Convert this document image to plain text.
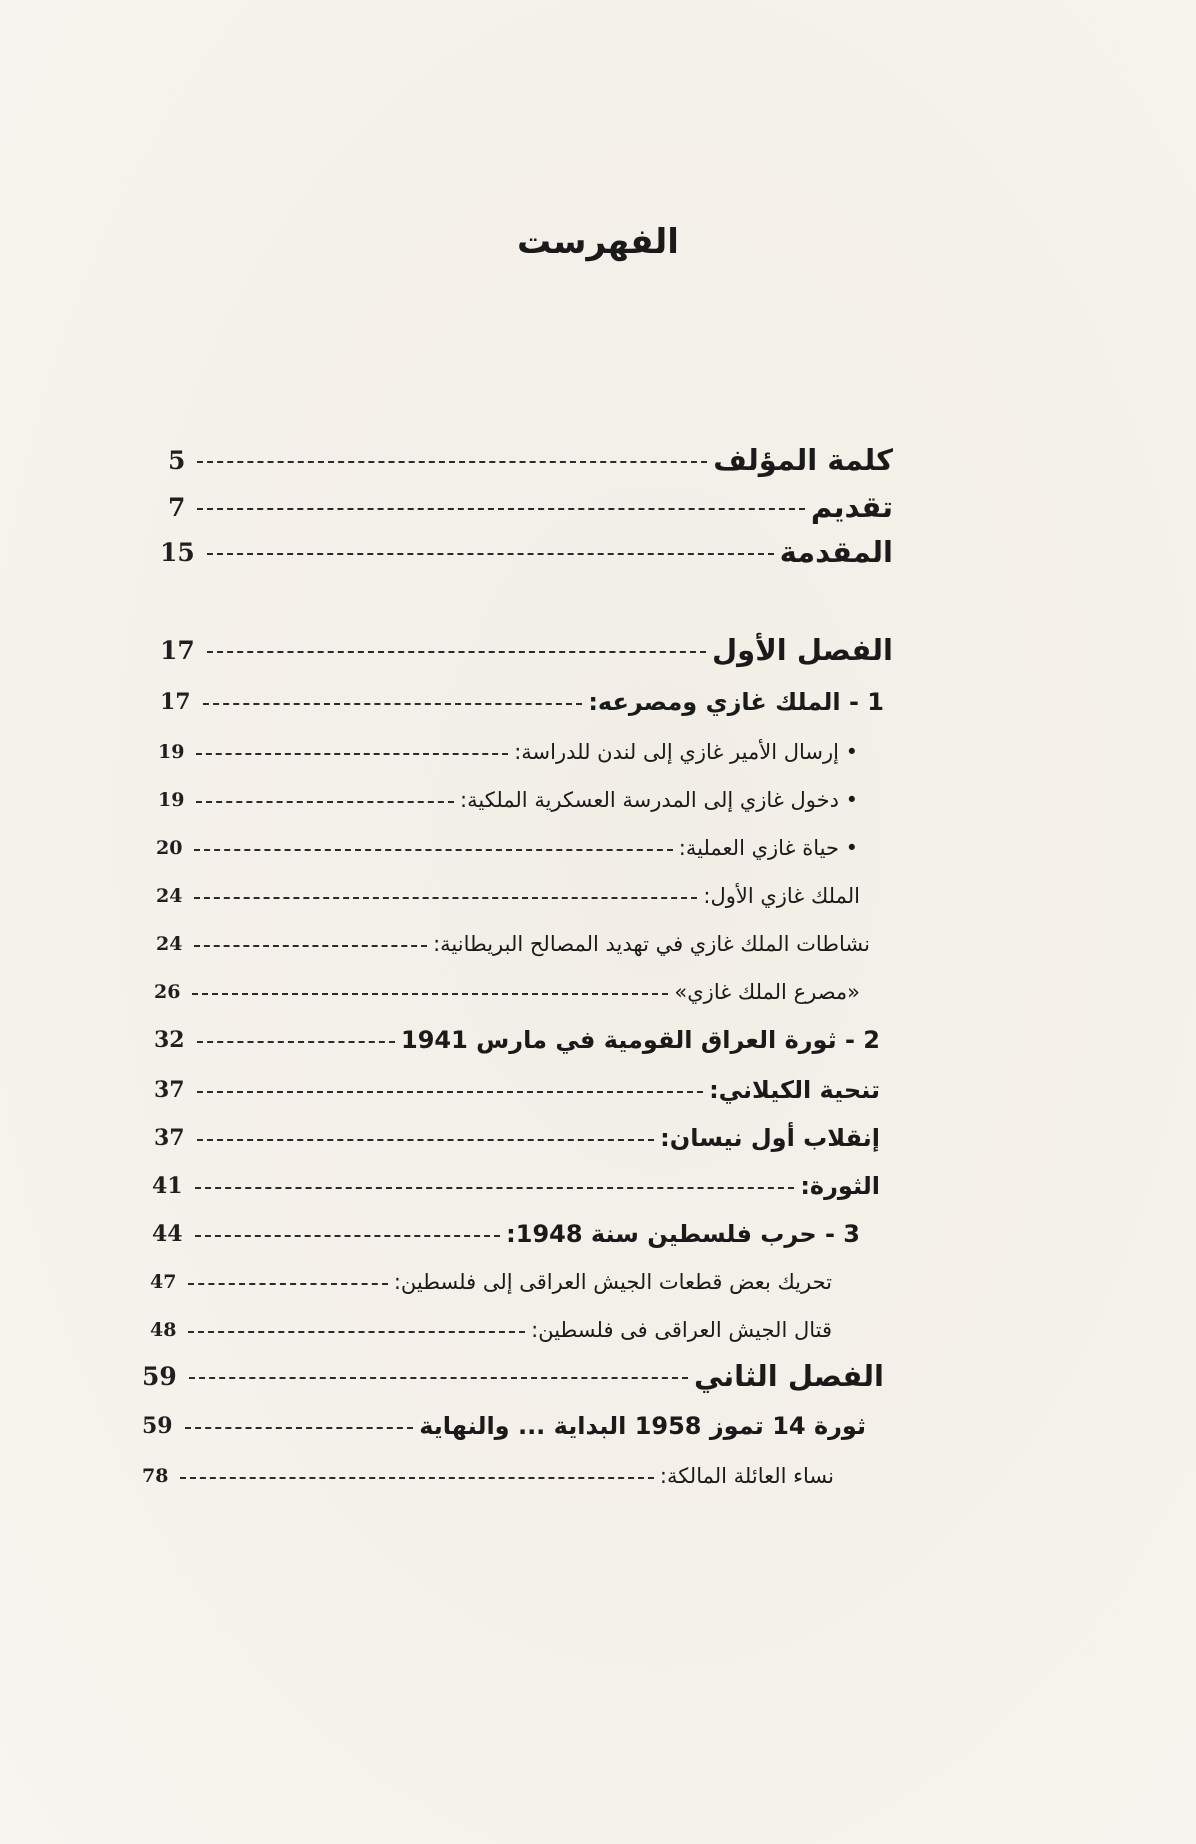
الفهرست
5	كلمة المؤلف
7	تقديم
15	المقدمة
17	الفصل الأول
17	1 - الملك غازي ومصرعه:
19	• إرسال الأمير غازي إلى لندن للدراسة:
19	• دخول غازي إلى المدرسة العسكرية الملكية:
20	• حياة غازي العملية:
24	الملك غازي الأول:
24	نشاطات الملك غازي في تهديد المصالح البريطانية:
26	«مصرع الملك غازي»
32	2 - ثورة العراق القومية في مارس 1941
37	تنحية الكيلاني:
37	إنقلاب أول نيسان:
41	الثورة:
44	3 - حرب فلسطين سنة 1948:
47	تحريك بعض قطعات الجيش العراقى إلى فلسطين:
48	قتال الجيش العراقى فى فلسطين:
59	الفصل الثاني
59	ثورة 14 تموز 1958 البداية ... والنهاية
78	نساء العائلة المالكة:
